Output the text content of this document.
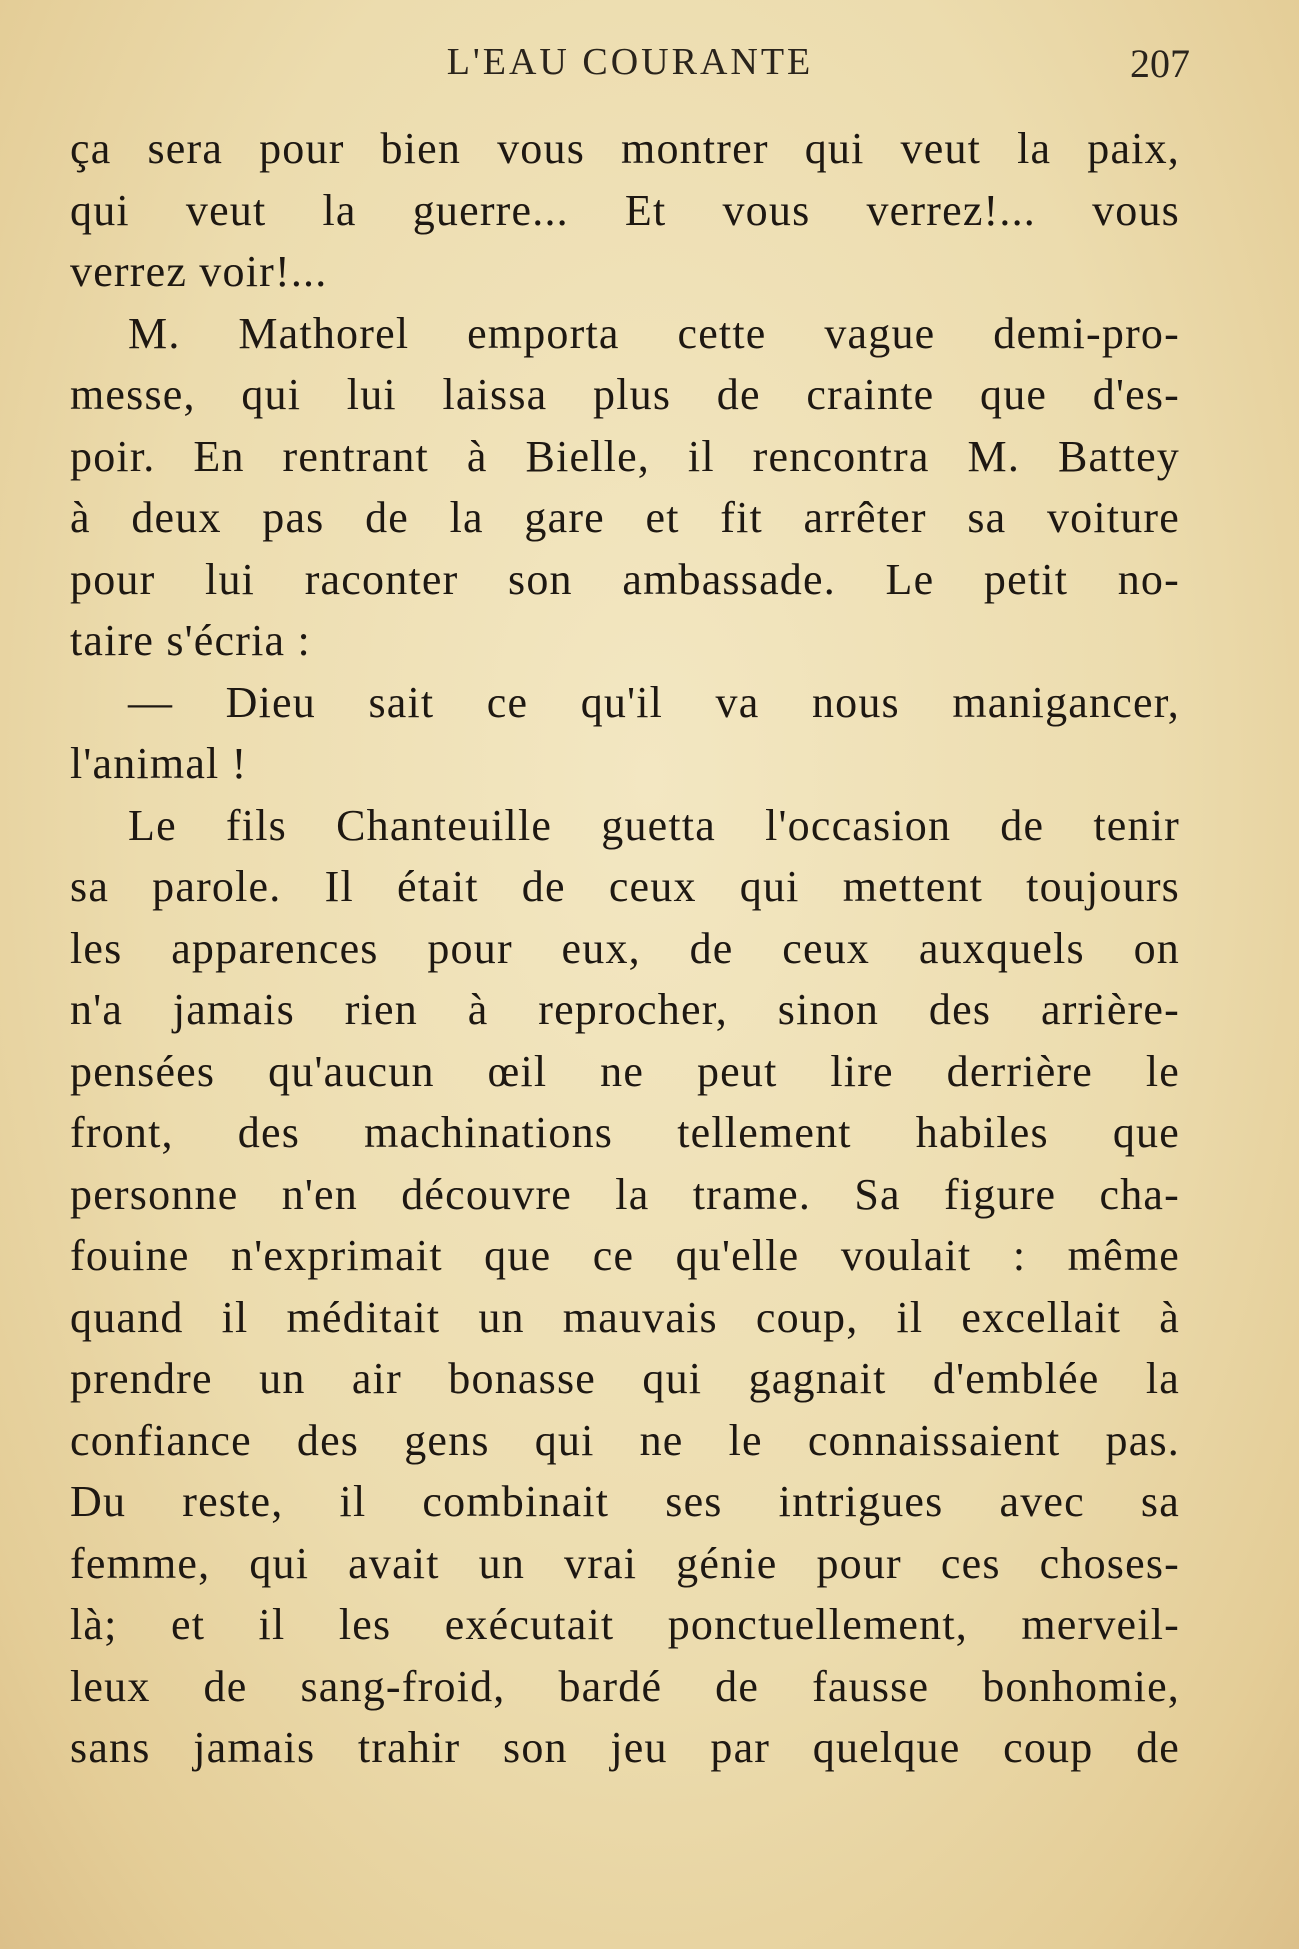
L'EAU COURANTE	207
ça sera pour bien vous montrer qui veut la paix,
qui veut la guerre... Et vous verrez!... vous
verrez voir!...
M. Mathorel emporta cette vague demi-pro-
messe, qui lui laissa plus de crainte que d'es-
poir. En rentrant à Bielle, il rencontra M. Battey
à deux pas de la gare et fit arrêter sa voiture
pour lui raconter son ambassade. Le petit no-
taire s'écria :
— Dieu sait ce qu'il va nous manigancer,
l'animal !
Le fils Chanteuille guetta l'occasion de tenir
sa parole. Il était de ceux qui mettent toujours
les apparences pour eux, de ceux auxquels on
n'a jamais rien à reprocher, sinon des arrière-
pensées qu'aucun œil ne peut lire derrière le
front, des machinations tellement habiles que
personne n'en découvre la trame. Sa figure cha-
fouine n'exprimait que ce qu'elle voulait : même
quand il méditait un mauvais coup, il excellait à
prendre un air bonasse qui gagnait d'emblée la
confiance des gens qui ne le connaissaient pas.
Du reste, il combinait ses intrigues avec sa
femme, qui avait un vrai génie pour ces choses-
là; et il les exécutait ponctuellement, merveil-
leux de sang-froid, bardé de fausse bonhomie,
sans jamais trahir son jeu par quelque coup de
